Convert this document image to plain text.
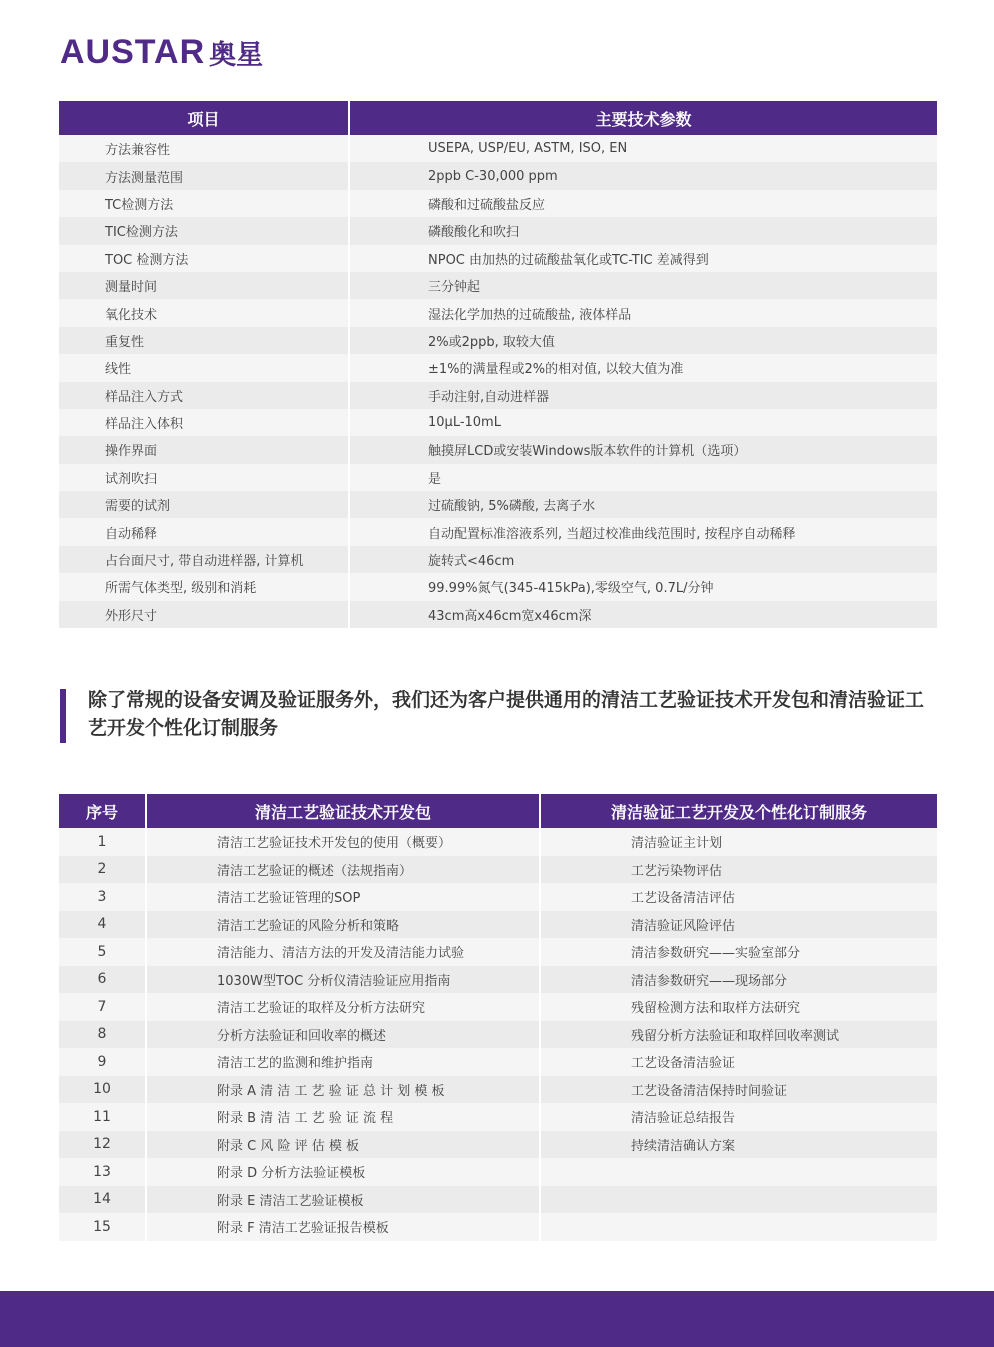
AUSTAR 奥星
项目	主要技术参数
方法兼容性	USEPA, USP/EU, ASTM, ISO, EN
方法测量范围	2ppb C-30,000 ppm
TC检测方法	磷酸和过硫酸盐反应
TIC检测方法	磷酸酸化和吹扫
TOC 检测方法	NPOC 由加热的过硫酸盐氧化或TC-TIC 差减得到
测量时间	三分钟起
氧化技术	湿法化学加热的过硫酸盐, 液体样品
重复性	2%或2ppb, 取较大值
线性	±1%的满量程或2%的相对值, 以较大值为准
样品注入方式	手动注射,自动进样器
样品注入体积	10µL-10mL
操作界面	触摸屏LCD或安装Windows版本软件的计算机（选项）
试剂吹扫	是
需要的试剂	过硫酸钠, 5%磷酸, 去离子水
自动稀释	自动配置标准溶液系列, 当超过校准曲线范围时, 按程序自动稀释
占台面尺寸, 带自动进样器, 计算机	旋转式<46cm
所需气体类型, 级别和消耗	99.99%氮气(345-415kPa),零级空气, 0.7L/分钟
外形尺寸	43cm高x46cm宽x46cm深
除了常规的设备安调及验证服务外，我们还为客户提供通用的清洁工艺验证技术开发包和清洁验证工艺开发个性化订制服务
序号	清洁工艺验证技术开发包	清洁验证工艺开发及个性化订制服务
1	清洁工艺验证技术开发包的使用（概要）	清洁验证主计划
2	清洁工艺验证的概述（法规指南）	工艺污染物评估
3	清洁工艺验证管理的SOP	工艺设备清洁评估
4	清洁工艺验证的风险分析和策略	清洁验证风险评估
5	清洁能力、清洁方法的开发及清洁能力试验	清洁参数研究——实验室部分
6	1030W型TOC 分析仪清洁验证应用指南	清洁参数研究——现场部分
7	清洁工艺验证的取样及分析方法研究	残留检测方法和取样方法研究
8	分析方法验证和回收率的概述	残留分析方法验证和取样回收率测试
9	清洁工艺的监测和维护指南	工艺设备清洁验证
10	附录 A 清 洁 工 艺 验 证 总 计 划 模 板	工艺设备清洁保持时间验证
11	附录 B 清 洁 工 艺 验 证 流 程	清洁验证总结报告
12	附录 C 风 险 评 估 模 板	持续清洁确认方案
13	附录 D 分析方法验证模板	
14	附录 E 清洁工艺验证模板	
15	附录 F 清洁工艺验证报告模板	
